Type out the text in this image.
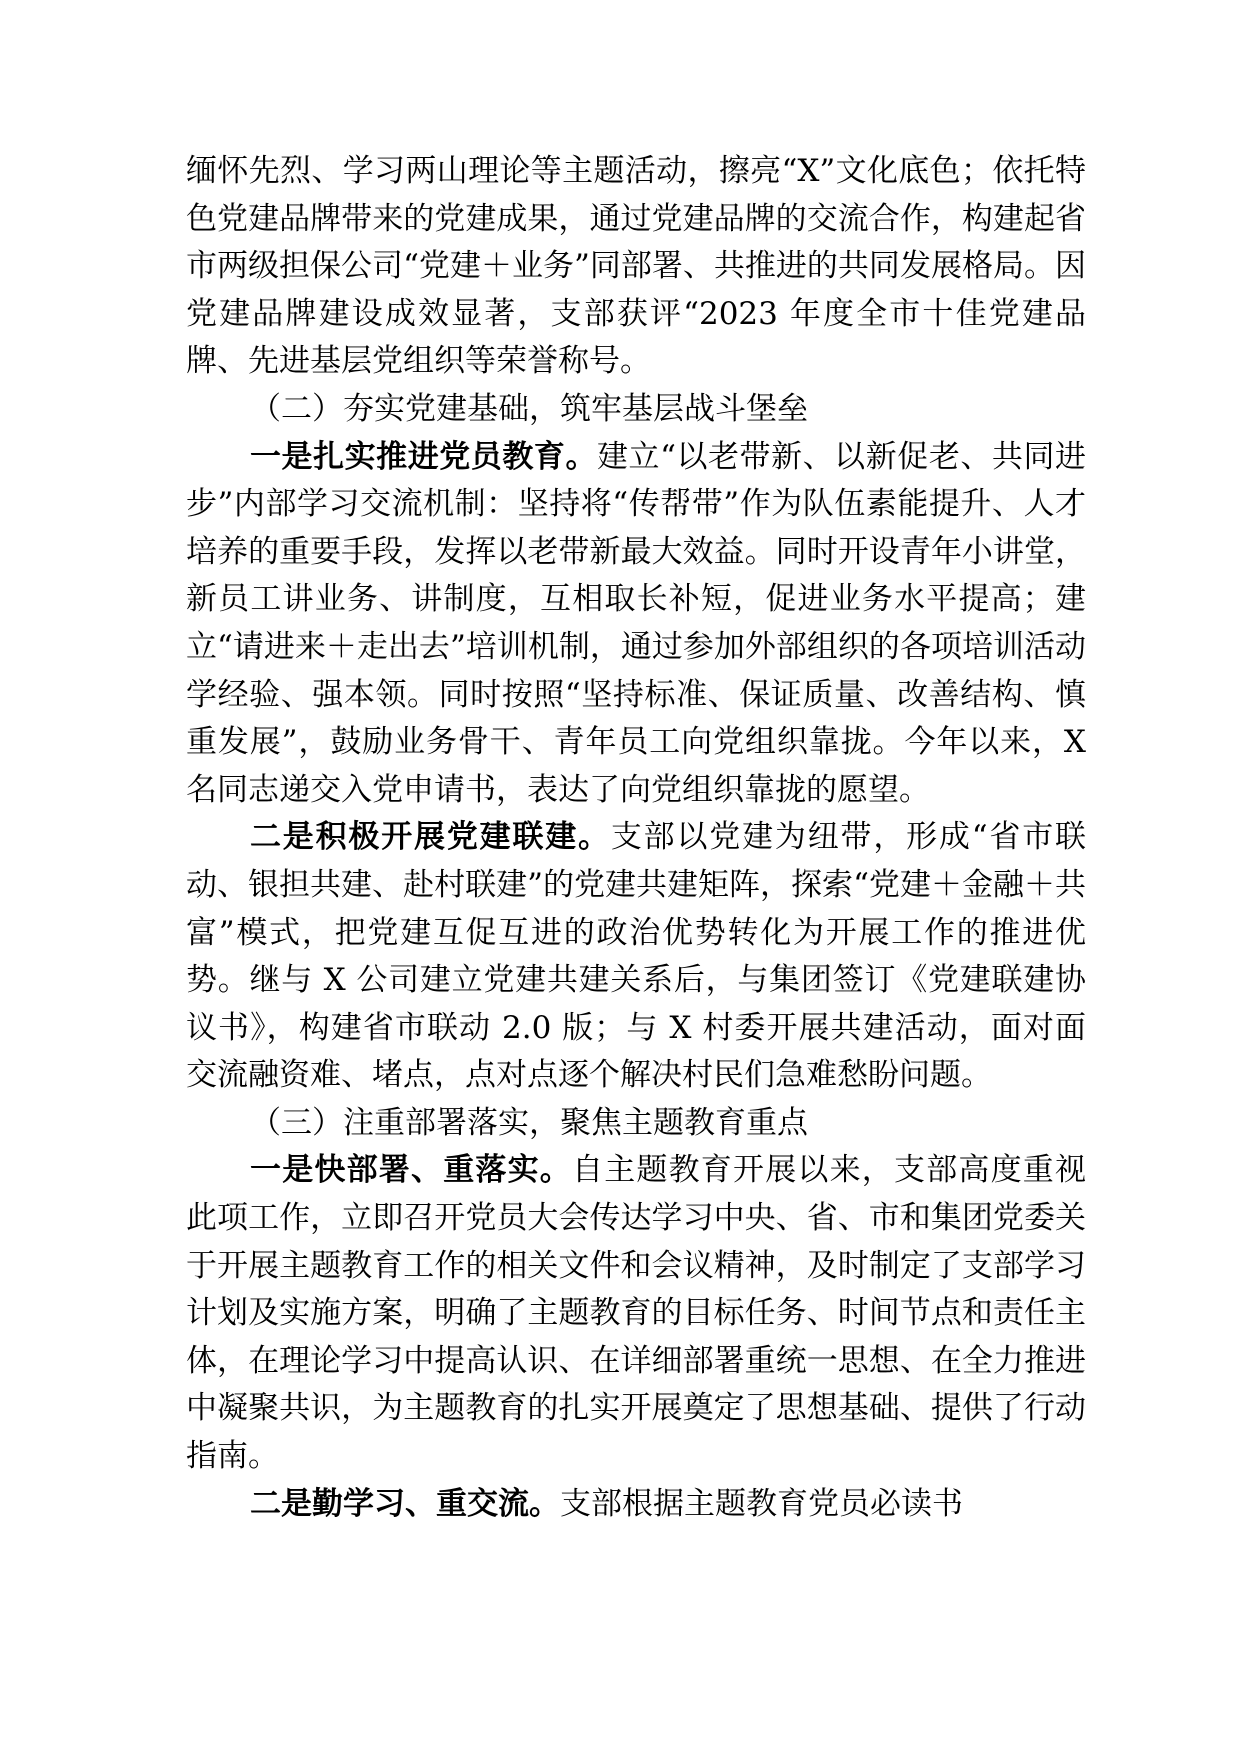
缅怀先烈、学习两山理论等主题活动，擦亮“X”文化底色；依托特色党建品牌带来的党建成果，通过党建品牌的交流合作，构建起省市两级担保公司“党建＋业务”同部署、共推进的共同发展格局。因党建品牌建设成效显著，支部获评“2023 年度全市十佳党建品牌、先进基层党组织等荣誉称号。

（二）夯实党建基础，筑牢基层战斗堡垒

一是扎实推进党员教育。建立“以老带新、以新促老、共同进步”内部学习交流机制：坚持将“传帮带”作为队伍素能提升、人才培养的重要手段，发挥以老带新最大效益。同时开设青年小讲堂，新员工讲业务、讲制度，互相取长补短，促进业务水平提高；建立“请进来＋走出去”培训机制，通过参加外部组织的各项培训活动学经验、强本领。同时按照“坚持标准、保证质量、改善结构、慎重发展”，鼓励业务骨干、青年员工向党组织靠拢。今年以来，X 名同志递交入党申请书，表达了向党组织靠拢的愿望。

二是积极开展党建联建。支部以党建为纽带，形成“省市联动、银担共建、赴村联建”的党建共建矩阵，探索“党建＋金融＋共富”模式，把党建互促互进的政治优势转化为开展工作的推进优势。继与 X 公司建立党建共建关系后，与集团签订《党建联建协议书》，构建省市联动 2.0 版；与 X 村委开展共建活动，面对面交流融资难、堵点，点对点逐个解决村民们急难愁盼问题。

（三）注重部署落实，聚焦主题教育重点

一是快部署、重落实。自主题教育开展以来，支部高度重视此项工作，立即召开党员大会传达学习中央、省、市和集团党委关于开展主题教育工作的相关文件和会议精神，及时制定了支部学习计划及实施方案，明确了主题教育的目标任务、时间节点和责任主体，在理论学习中提高认识、在详细部署重统一思想、在全力推进中凝聚共识，为主题教育的扎实开展奠定了思想基础、提供了行动指南。

二是勤学习、重交流。支部根据主题教育党员必读书
